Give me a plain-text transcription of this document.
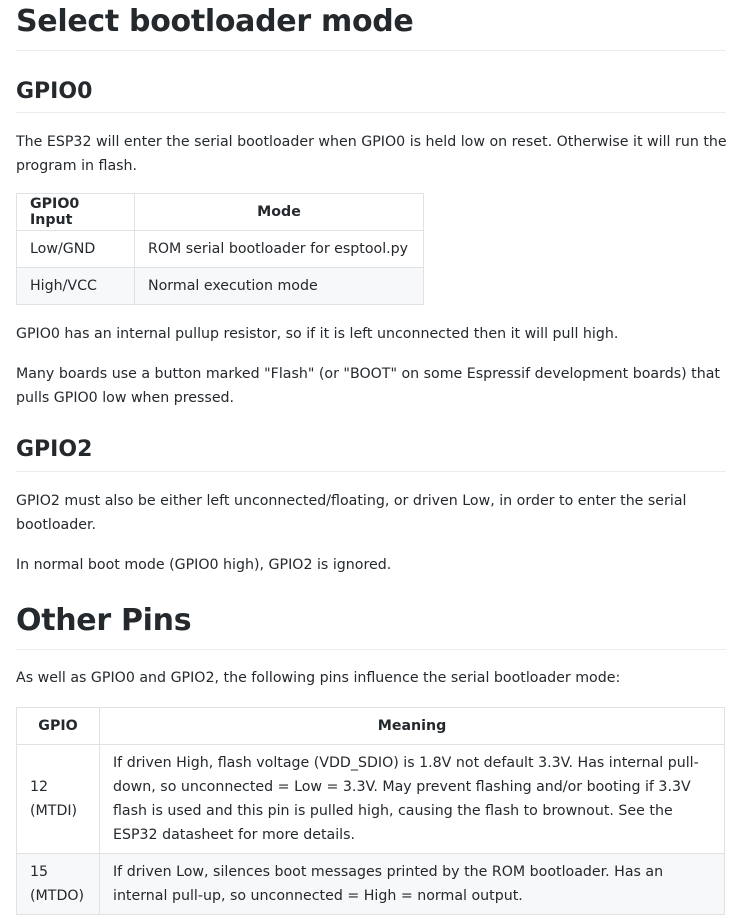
Select bootloader mode
GPIO0

The ESP32 will enter the serial bootloader when GPIO0 is held low on reset. Otherwise it will run the program in flash.

GPIO0 Input	Mode
Low/GND	ROM serial bootloader for esptool.py
High/VCC	Normal execution mode

GPIO0 has an internal pullup resistor, so if it is left unconnected then it will pull high.

Many boards use a button marked "Flash" (or "BOOT" on some Espressif development boards) that pulls GPIO0 low when pressed.

GPIO2

GPIO2 must also be either left unconnected/floating, or driven Low, in order to enter the serial bootloader.

In normal boot mode (GPIO0 high), GPIO2 is ignored.

Other Pins

As well as GPIO0 and GPIO2, the following pins influence the serial bootloader mode:

GPIO	Meaning
12 (MTDI)	If driven High, flash voltage (VDD_SDIO) is 1.8V not default 3.3V. Has internal pull-down, so unconnected = Low = 3.3V. May prevent flashing and/or booting if 3.3V flash is used and this pin is pulled high, causing the flash to brownout. See the ESP32 datasheet for more details.
15 (MTDO)	If driven Low, silences boot messages printed by the ROM bootloader. Has an internal pull-up, so unconnected = High = normal output.
